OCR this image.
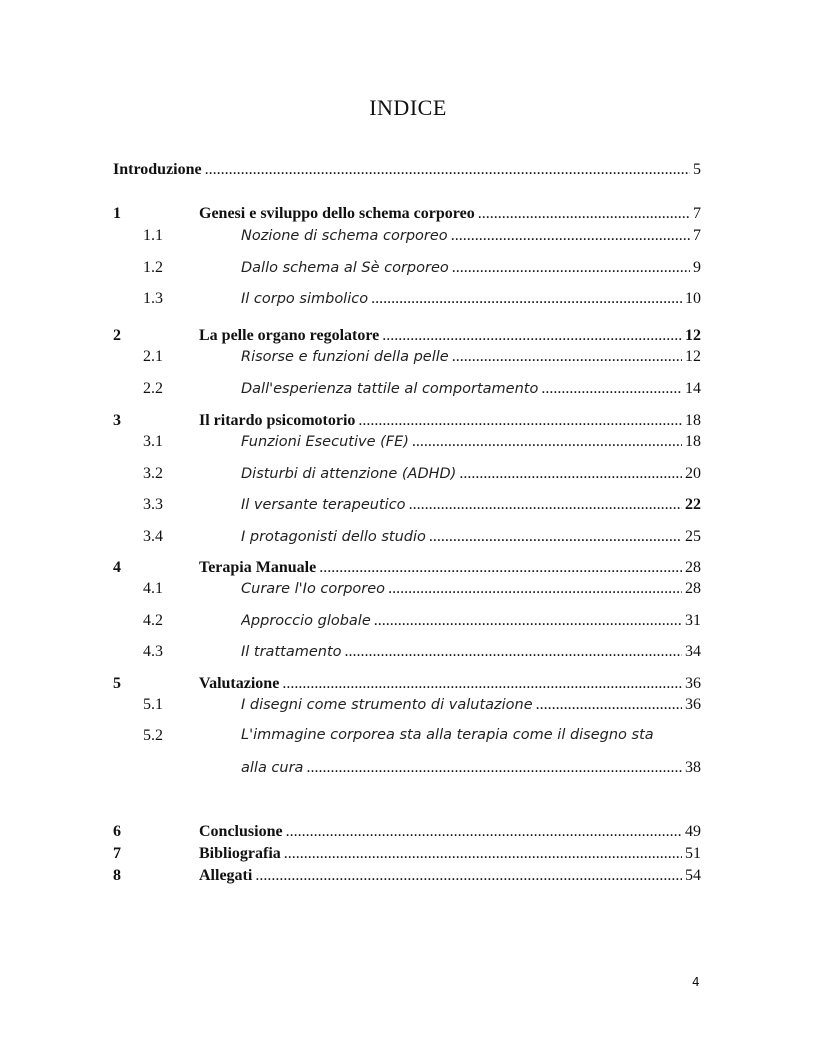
INDICE
Introduzione .....	5
1	Genesi e sviluppo dello schema corporeo .....	7
1.1	Nozione di schema corporeo .....	7
1.2	Dallo schema al Sè corporeo .....	9
1.3	Il corpo simbolico .....	10
2	La pelle organo regolatore .....	12
2.1	Risorse e funzioni della pelle .....	12
2.2	Dall'esperienza tattile al comportamento .....	14
3	Il ritardo psicomotorio .....	18
3.1	Funzioni Esecutive (FE) .....	18
3.2	Disturbi di attenzione (ADHD) .....	20
3.3	Il versante terapeutico .....	22
3.4	I protagonisti dello studio .....	25
4	Terapia Manuale .....	28
4.1	Curare l'Io corporeo .....	28
4.2	Approccio globale .....	31
4.3	Il trattamento .....	34
5	Valutazione .....	36
5.1	I disegni come strumento di valutazione .....	36
5.2	L'immagine corporea sta alla terapia come il disegno sta
alla cura .....	38
6	Conclusione .....	49
7	Bibliografia .....	51
8	Allegati .....	54
4
